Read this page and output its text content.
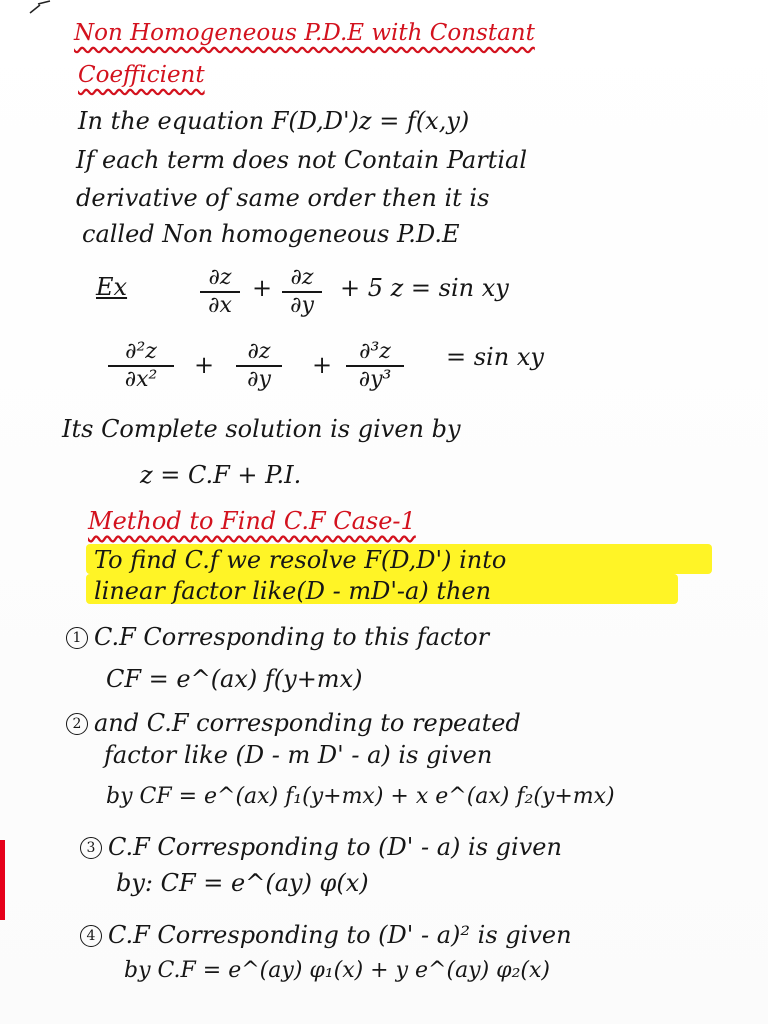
Non Homogeneous P.D.E with Constant
Coefficient
In the equation F(D,D')z = f(x,y)
If each term does not Contain Partial
derivative of same order then it is
called Non homogeneous P.D.E
Ex	∂z
∂x
+ ∂z
∂y
+ 5 z = sin xy
∂²z
∂x²
+	∂z
∂y
+	∂³z
∂y³
= sin xy
Its Complete solution is given by
z = C.F + P.I.
Method to Find C.F Case-1
To find C.f we resolve F(D,D') into
linear factor like(D - mD'-a) then
1 C.F Corresponding to this factor
CF = e^(ax) f(y+mx)
2 and C.F corresponding to repeated
factor like (D - m D' - a) is given
by CF = e^(ax) f₁(y+mx) + x e^(ax) f₂(y+mx)
3 C.F Corresponding to (D' - a) is given
by: CF = e^(ay) φ(x)
4 C.F Corresponding to (D' - a)² is given
by C.F = e^(ay) φ₁(x) + y e^(ay) φ₂(x)
